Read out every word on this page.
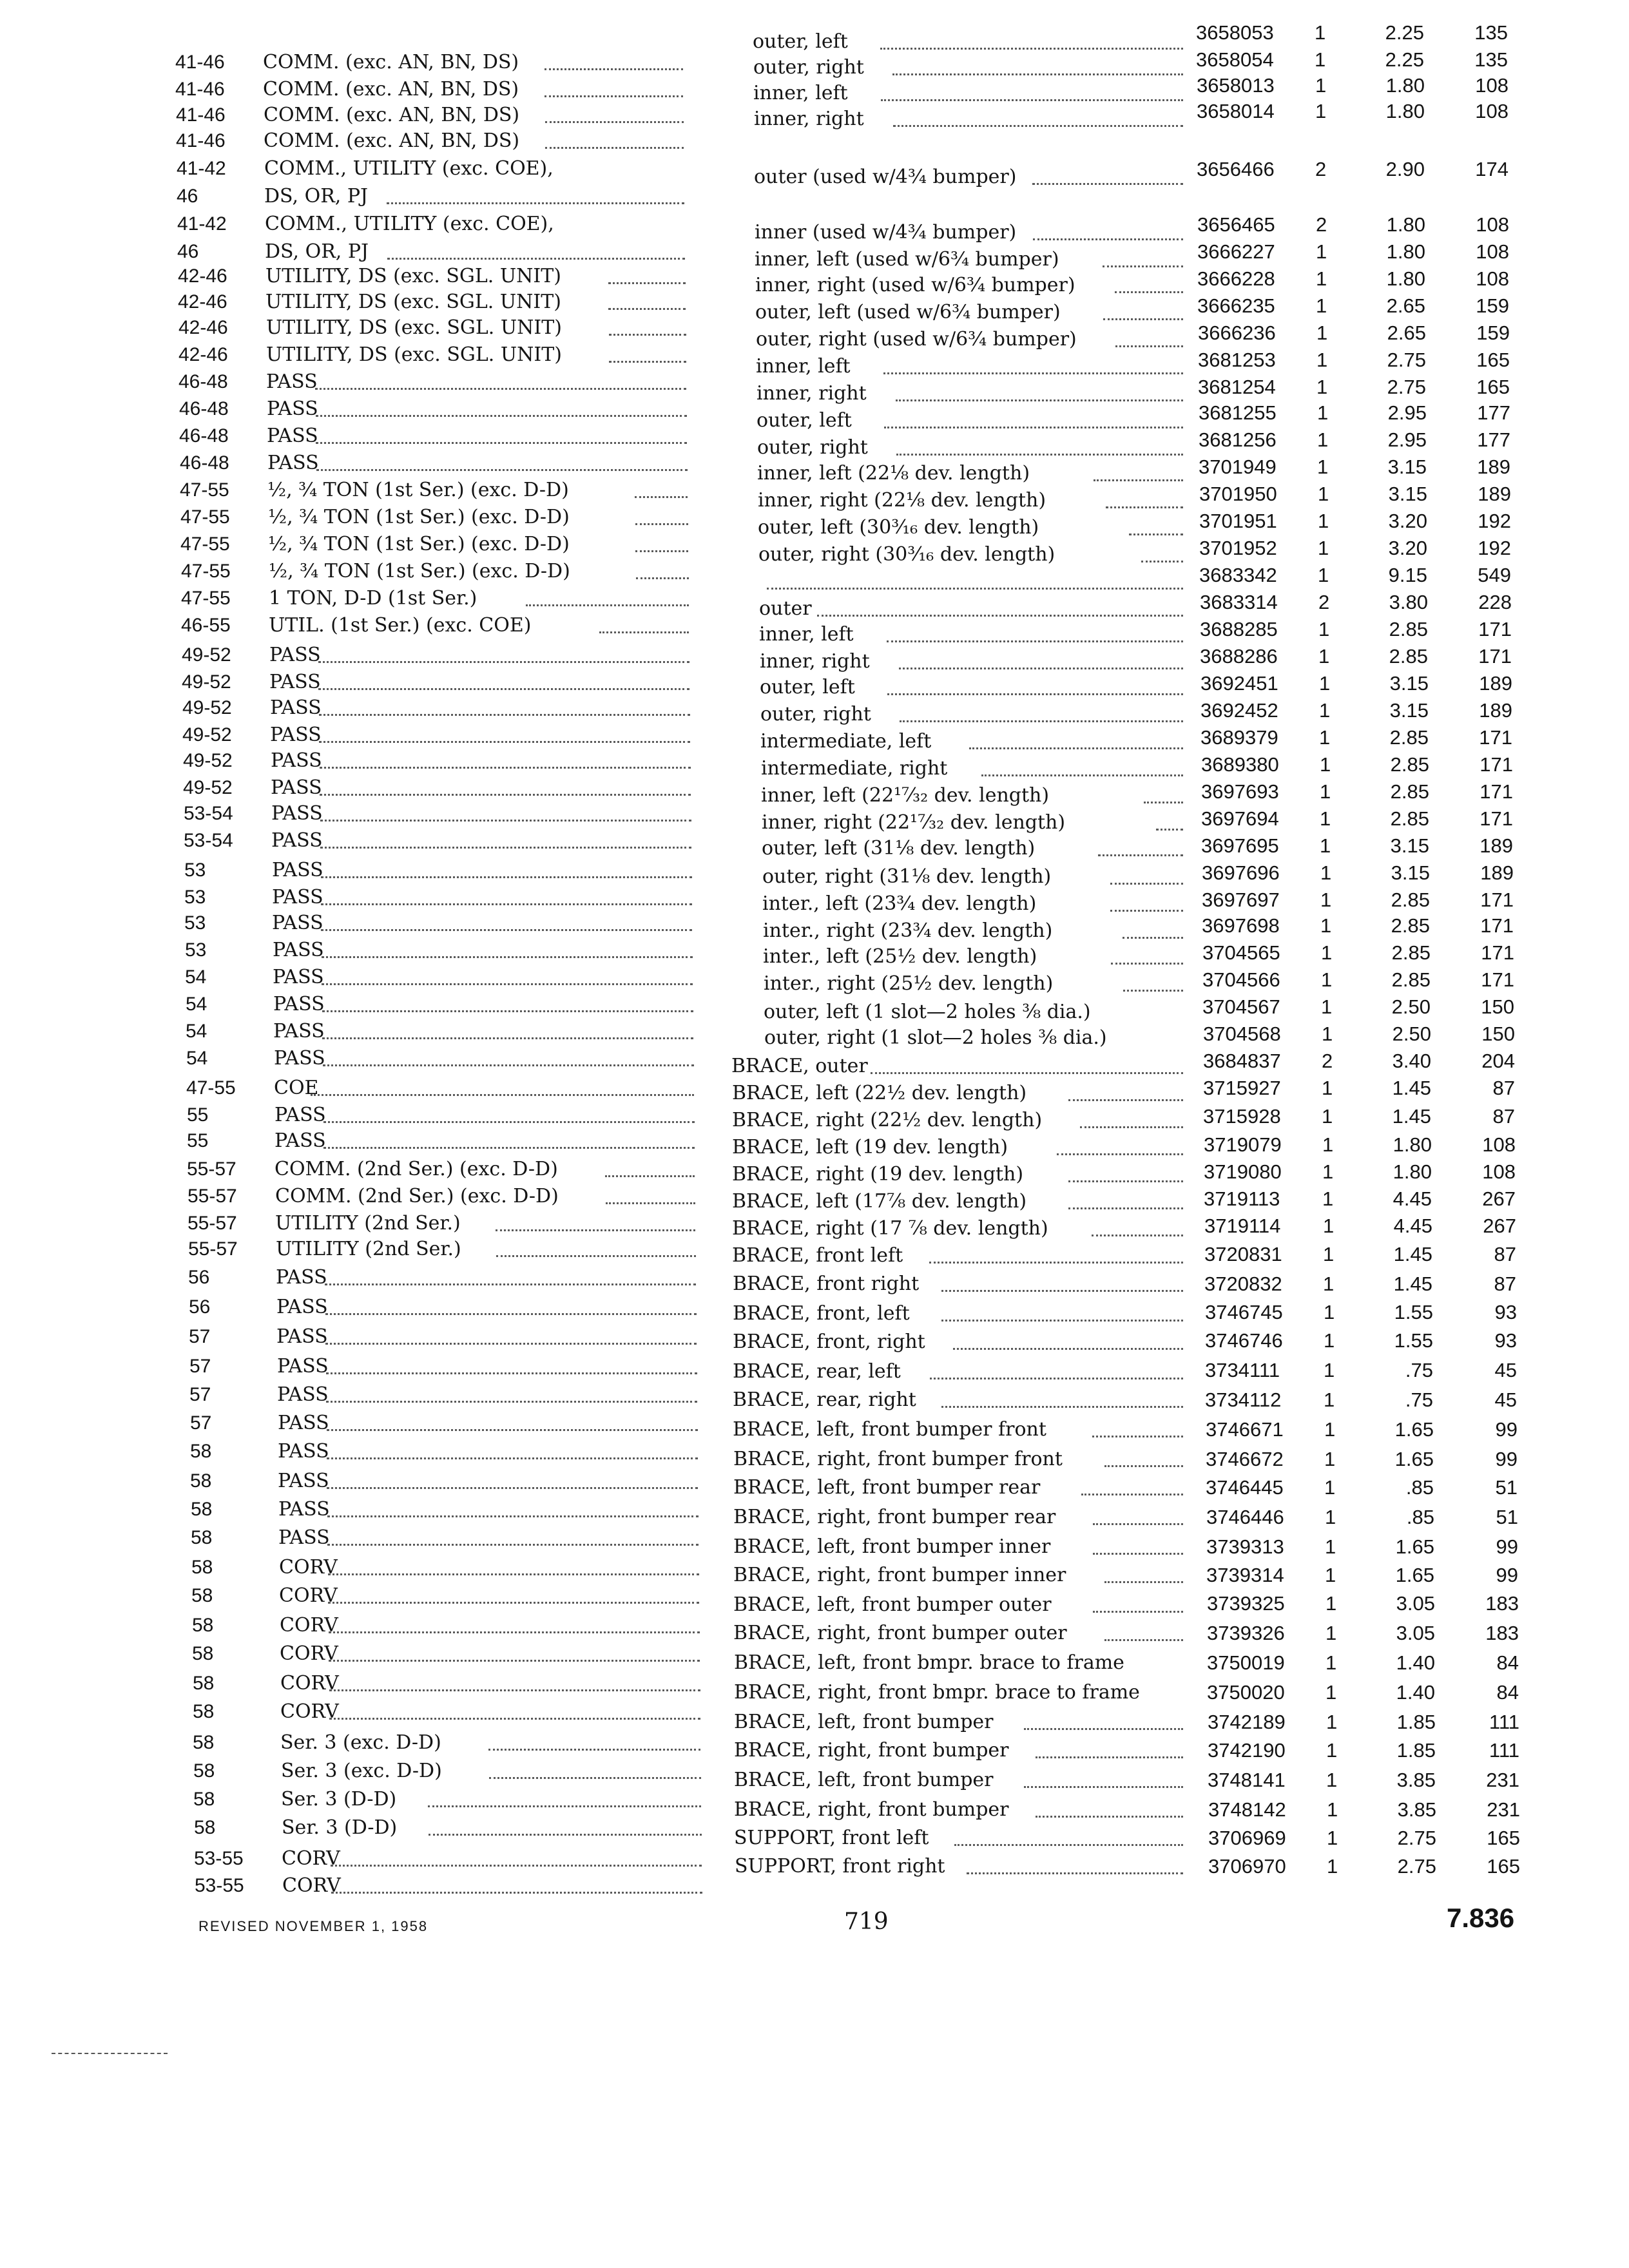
41-46 COMM. (exc. AN, BN, DS)
41-46 COMM. (exc. AN, BN, DS)
41-46 COMM. (exc. AN, BN, DS)
41-46 COMM. (exc. AN, BN, DS)
41-42 COMM., UTILITY (exc. COE),
46	DS, OR, PJ
41-42 COMM., UTILITY (exc. COE),
46	DS, OR, PJ
42-46 UTILITY, DS (exc. SGL. UNIT)
42-46 UTILITY, DS (exc. SGL. UNIT)
42-46 UTILITY, DS (exc. SGL. UNIT)
42-46 UTILITY, DS (exc. SGL. UNIT)
46-48 PASS
46-48 PASS
46-48 PASS
46-48 PASS
47-55 ½, ¾ TON (1st Ser.) (exc. D-D)
47-55 ½, ¾ TON (1st Ser.) (exc. D-D)
47-55 ½, ¾ TON (1st Ser.) (exc. D-D)
47-55 ½, ¾ TON (1st Ser.) (exc. D-D)
47-55 1 TON, D-D (1st Ser.)
46-55 UTIL. (1st Ser.) (exc. COE)
49-52 PASS
49-52 PASS
49-52 PASS
49-52 PASS
49-52 PASS
49-52 PASS
53-54 PASS
53-54 PASS
53	PASS
53	PASS
53	PASS
53	PASS
54	PASS
54	PASS
54	PASS
54	PASS
47-55 COE
55	PASS
55	PASS
55-57 COMM. (2nd Ser.) (exc. D-D)
55-57 COMM. (2nd Ser.) (exc. D-D)
55-57 UTILITY (2nd Ser.)
55-57 UTILITY (2nd Ser.)
56	PASS
56	PASS
57	PASS
57	PASS
57	PASS
57	PASS
58	PASS
58	PASS
58	PASS
58	PASS
58	CORV
58	CORV
58	CORV
58	CORV
58	CORV
58	CORV
58	Ser. 3 (exc. D-D)
58	Ser. 3 (exc. D-D)
58	Ser. 3 (D-D)
58	Ser. 3 (D-D)
53-55 CORV
53-55 CORV
outer, left	3658053 1	2.25	135
outer, right	3658054 1	2.25	135
inner, left	3658013 1	1.80	108
inner, right	3658014 1	1.80	108
outer (used w/4¾ bumper)	3656466 2	2.90	174
inner (used w/4¾ bumper)	3656465 2	1.80	108
inner, left (used w/6¾ bumper)	3666227 1	1.80	108
inner, right (used w/6¾ bumper)	3666228 1	1.80	108
outer, left (used w/6¾ bumper)	3666235 1	2.65	159
outer, right (used w/6¾ bumper)	3666236 1	2.65	159
inner, left	3681253 1	2.75	165
inner, right	3681254 1	2.75	165
outer, left	3681255 1	2.95	177
outer, right	3681256 1	2.95	177
inner, left (22⅛ dev. length)	3701949 1	3.15	189
inner, right (22⅛ dev. length)	3701950 1	3.15	189
outer, left (30³⁄₁₆ dev. length)	3701951 1	3.20	192
outer, right (30³⁄₁₆ dev. length)	3701952 1	3.20	192
3683342 1	9.15	549
outer	3683314 2	3.80	228
inner, left	3688285 1	2.85	171
inner, right	3688286 1	2.85	171
outer, left	3692451 1	3.15	189
outer, right	3692452 1	3.15	189
intermediate, left	3689379 1	2.85	171
intermediate, right	3689380 1	2.85	171
inner, left (22¹⁷⁄₃₂ dev. length)	3697693 1	2.85	171
inner, right (22¹⁷⁄₃₂ dev. length)	3697694 1	2.85	171
outer, left (31⅛ dev. length)	3697695 1	3.15	189
outer, right (31⅛ dev. length)	3697696 1	3.15	189
inter., left (23¾ dev. length)	3697697 1	2.85	171
inter., right (23¾ dev. length)	3697698 1	2.85	171
inter., left (25½ dev. length)	3704565 1	2.85	171
inter., right (25½ dev. length)	3704566 1	2.85	171
outer, left (1 slot—2 holes ⅜ dia.)	3704567 1	2.50	150
outer, right (1 slot—2 holes ⅜ dia.)	3704568 1	2.50	150
BRACE, outer	3684837 2	3.40	204
BRACE, left (22½ dev. length)	3715927 1	1.45	87
BRACE, right (22½ dev. length)	3715928 1	1.45	87
BRACE, left (19 dev. length)	3719079 1	1.80	108
BRACE, right (19 dev. length)	3719080 1	1.80	108
BRACE, left (17⅞ dev. length)	3719113 1	4.45	267
BRACE, right (17 ⅞ dev. length)	3719114 1	4.45	267
BRACE, front left	3720831 1	1.45	87
BRACE, front right	3720832 1	1.45	87
BRACE, front, left	3746745 1	1.55	93
BRACE, front, right	3746746 1	1.55	93
BRACE, rear, left	3734111 1	.75	45
BRACE, rear, right	3734112 1	.75	45
BRACE, left, front bumper front	3746671 1	1.65	99
BRACE, right, front bumper front	3746672 1	1.65	99
BRACE, left, front bumper rear	3746445 1	.85	51
BRACE, right, front bumper rear	3746446 1	.85	51
BRACE, left, front bumper inner	3739313 1	1.65	99
BRACE, right, front bumper inner	3739314 1	1.65	99
BRACE, left, front bumper outer	3739325 1	3.05	183
BRACE, right, front bumper outer	3739326 1	3.05	183
BRACE, left, front bmpr. brace to frame	3750019 1	1.40	84
BRACE, right, front bmpr. brace to frame	3750020 1	1.40	84
BRACE, left, front bumper	3742189 1	1.85	111
BRACE, right, front bumper	3742190 1	1.85	111
BRACE, left, front bumper	3748141 1	3.85	231
BRACE, right, front bumper	3748142 1	3.85	231
SUPPORT, front left	3706969 1	2.75	165
SUPPORT, front right	3706970 1	2.75	165
REVISED NOVEMBER 1, 1958	719	7.836
